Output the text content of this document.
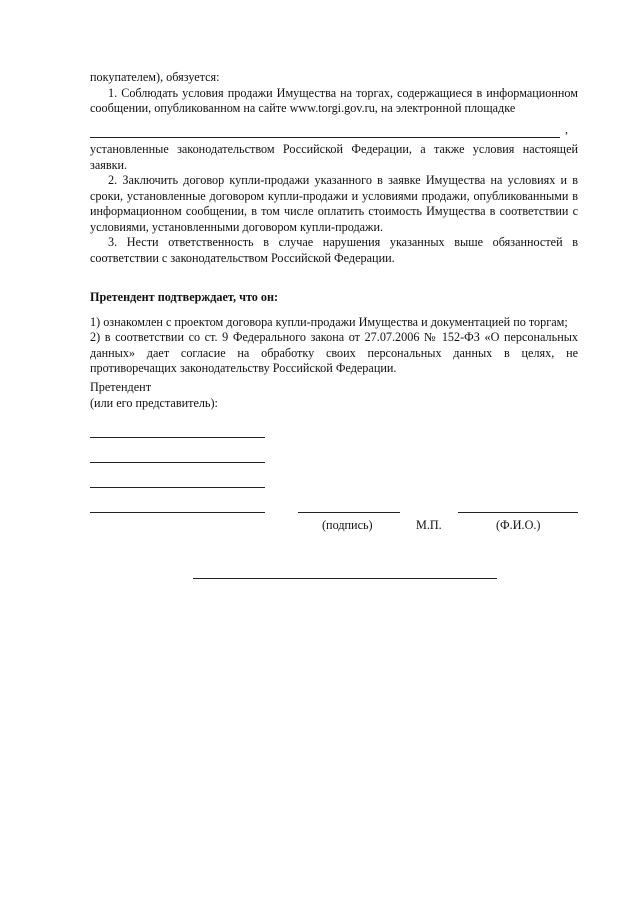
покупателем), обязуется:

1. Соблюдать условия продажи Имущества на торгах, содержащиеся в информационном сообщении, опубликованном на сайте www.torgi.gov.ru, на электронной площадке

,

установленные законодательством Российской Федерации, а также условия настоящей заявки.

2. Заключить договор купли-продажи указанного в заявке Имущества на условиях и в сроки, установленные договором купли-продажи и условиями продажи, опубликованными в информационном сообщении, в том числе оплатить стоимость Имущества в соответствии с условиями, установленными договором купли-продажи.

3. Нести ответственность в случае нарушения указанных выше обязанностей в соответствии с законодательством Российской Федерации.

Претендент подтверждает, что он:

1) ознакомлен с проектом договора купли-продажи Имущества и документацией по торгам;

2) в соответствии со ст. 9 Федерального закона от 27.07.2006 № 152-ФЗ «О персональных данных» дает согласие на обработку своих персональных данных в целях, не противоречащих законодательству Российской Федерации.

Претендент

(или его представитель):

(подпись)	М.П.	(Ф.И.О.)
